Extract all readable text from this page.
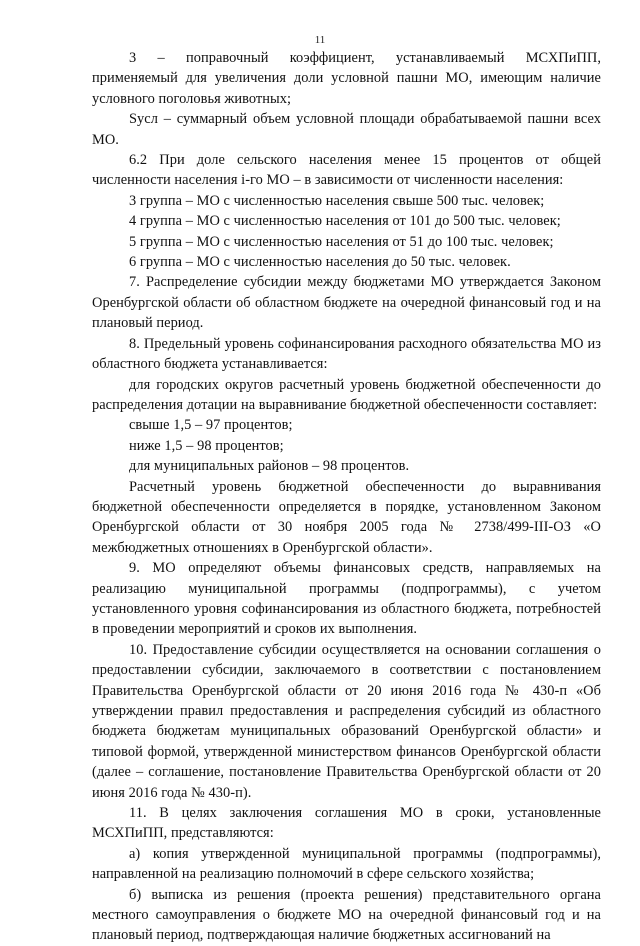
11

3 – поправочный коэффициент, устанавливаемый МСХПиПП, применяемый для увеличения доли условной пашни МО, имеющим наличие условного поголовья животных;

Sусл – суммарный объем условной площади обрабатываемой пашни всех МО.

6.2 При доле сельского населения менее 15 процентов от общей численности населения i-го МО – в зависимости от численности населения:

3 группа – МО с численностью населения свыше 500 тыс. человек;

4 группа – МО с численностью населения от 101 до 500 тыс. человек;

5 группа – МО с численностью населения от 51 до 100 тыс. человек;

6 группа – МО с численностью населения до 50 тыс. человек.

7. Распределение субсидии между бюджетами МО утверждается Законом Оренбургской области об областном бюджете на очередной финансовый год и на плановый период.

8. Предельный уровень софинансирования расходного обязательства МО из областного бюджета устанавливается:

для городских округов расчетный уровень бюджетной обеспеченности до распределения дотации на выравнивание бюджетной обеспеченности составляет:

свыше 1,5 – 97 процентов;

ниже 1,5 – 98 процентов;

для муниципальных районов – 98 процентов.

Расчетный уровень бюджетной обеспеченности до выравнивания бюджетной обеспеченности определяется в порядке, установленном Законом Оренбургской области от 30 ноября 2005 года № 2738/499-III-ОЗ «О межбюджетных отношениях в Оренбургской области».

9. МО определяют объемы финансовых средств, направляемых на реализацию муниципальной программы (подпрограммы), с учетом установленного уровня софинансирования из областного бюджета, потребностей в проведении мероприятий и сроков их выполнения.

10. Предоставление субсидии осуществляется на основании соглашения о предоставлении субсидии, заключаемого в соответствии с постановлением Правительства Оренбургской области от 20 июня 2016 года № 430-п «Об утверждении правил предоставления и распределения субсидий из областного бюджета бюджетам муниципальных образований Оренбургской области» и типовой формой, утвержденной министерством финансов Оренбургской области (далее – соглашение, постановление Правительства Оренбургской области от 20 июня 2016 года № 430-п).

11. В целях заключения соглашения МО в сроки, установленные МСХПиПП, представляются:

а) копия утвержденной муниципальной программы (подпрограммы), направленной на реализацию полномочий в сфере сельского хозяйства;

б) выписка из решения (проекта решения) представительного органа местного самоуправления о бюджете МО на очередной финансовый год и на плановый период, подтверждающая наличие бюджетных ассигнований на
